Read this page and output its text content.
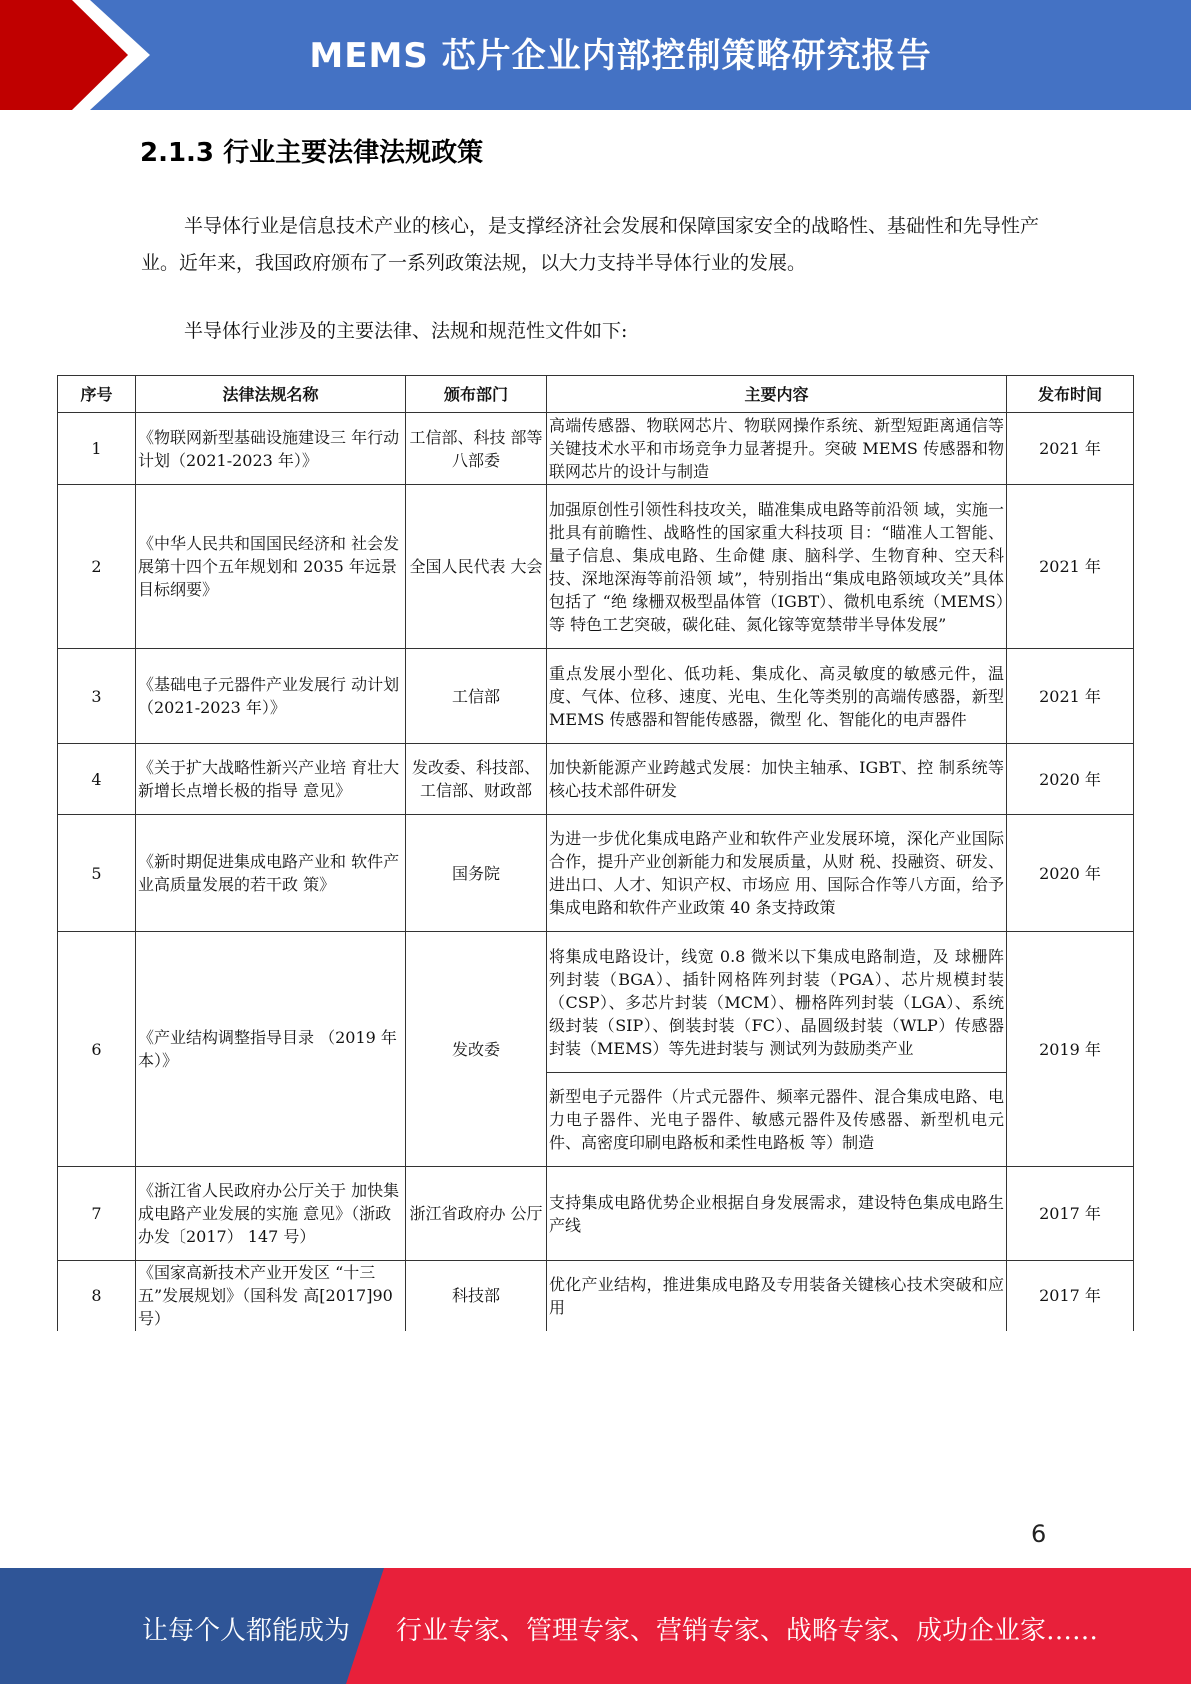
MEMS 芯片企业内部控制策略研究报告
2.1.3 行业主要法律法规政策
半导体行业是信息技术产业的核心，是支撑经济社会发展和保障国家安全的战略性、基础性和先导性产业。近年来，我国政府颁布了一系列政策法规，以大力支持半导体行业的发展。
半导体行业涉及的主要法律、法规和规范性文件如下:
序号	法律法规名称	颁布部门	主要内容	发布时间
1	《物联网新型基础设施建设三 年行动计划（2021-2023 年）》	工信部、科技 部等八部委	高端传感器、物联网芯片、物联网操作系统、新型短距离通信等关键技术水平和市场竞争力显著提升。突破 MEMS 传感器和物联网芯片的设计与制造	2021 年
2	《中华人民共和国国民经济和 社会发展第十四个五年规划和 2035 年远景目标纲要》	全国人民代表 大会	加强原创性引领性科技攻关，瞄准集成电路等前沿领 域，实施一批具有前瞻性、战略性的国家重大科技项 目：“瞄准人工智能、量子信息、集成电路、生命健 康、脑科学、生物育种、空天科技、深地深海等前沿领 域”，特别指出“集成电路领域攻关”具体包括了 “绝 缘栅双极型晶体管（IGBT）、微机电系统（MEMS）等 特色工艺突破，碳化硅、氮化镓等宽禁带半导体发展”	2021 年
3	《基础电子元器件产业发展行 动计划（2021-2023 年）》	工信部	重点发展小型化、低功耗、集成化、高灵敏度的敏感元件，温度、气体、位移、速度、光电、生化等类别的高端传感器，新型 MEMS 传感器和智能传感器，微型 化、智能化的电声器件	2021 年
4	《关于扩大战略性新兴产业培 育壮大新增长点增长极的指导 意见》	发改委、科技部、工信部、财政部	加快新能源产业跨越式发展：加快主轴承、IGBT、控 制系统等核心技术部件研发	2020 年
5	《新时期促进集成电路产业和 软件产业高质量发展的若干政 策》	国务院	为进一步优化集成电路产业和软件产业发展环境，深化产业国际合作，提升产业创新能力和发展质量，从财 税、投融资、研发、进出口、人才、知识产权、市场应 用、国际合作等八方面，给予集成电路和软件产业政策 40 条支持政策	2020 年
6	《产业结构调整指导目录 （2019 年本）》	发改委	将集成电路设计，线宽 0.8 微米以下集成电路制造，及 球栅阵列封装（BGA）、插针网格阵列封装（PGA）、芯片规模封装（CSP）、多芯片封装（MCM）、栅格阵列封装（LGA）、系统级封装（SIP）、倒装封装（FC）、晶圆级封装（WLP）传感器封装（MEMS）等先进封装与 测试列为鼓励类产业	2019 年
			新型电子元器件（片式元器件、频率元器件、混合集成电路、电力电子器件、光电子器件、敏感元器件及传感器、新型机电元件、高密度印刷电路板和柔性电路板 等）制造	
7	《浙江省人民政府办公厅关于 加快集成电路产业发展的实施 意见》（浙政办发〔2017） 147 号）	浙江省政府办 公厅	支持集成电路优势企业根据自身发展需求，建设特色集成电路生产线	2017 年
8	《国家高新技术产业开发区 “十三五”发展规划》（国科发 高[2017]90 号）	科技部	优化产业结构，推进集成电路及专用装备关键核心技术突破和应用	2017 年
6
让每个人都能成为 行业专家、管理专家、营销专家、战略专家、成功企业家……
